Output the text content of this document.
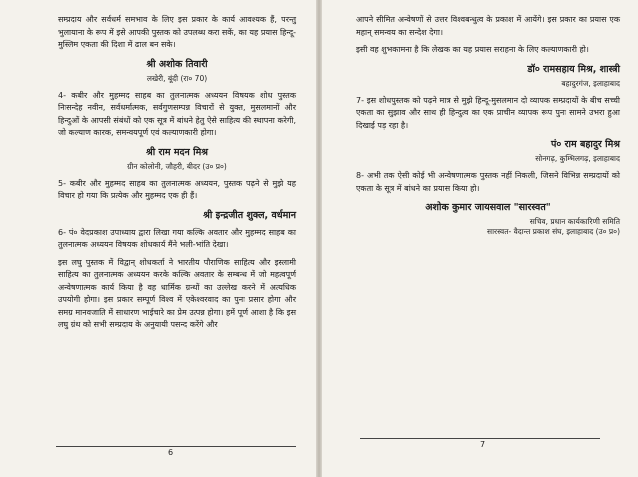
सम्प्रदाय और सर्वधर्म समभाव के लिए इस प्रकार के कार्य आवश्यक हैं, परन्तु भुलायाना के रूप में इसे आपकी पुस्तक को उपलब्ध करा सकें, का यह प्रयास हिन्दू-मुस्लिम एकता की दिशा में ढाल बन सके।

श्री अशोक तिवारी
लखेरी, बूंदी (रा० 70)

4- कबीर और मुहम्मद साहब का तुलनात्मक अध्ययन विषयक शोध पुस्तक निःसन्देह नवीन, सर्वधर्मात्मक, सर्वगुणसम्पन्न विचारों से युक्त, मुसलमानों और हिन्दुओं के आपसी संबंधों को एक सूत्र में बांधने हेतु ऐसे साहित्य की स्थापना करेगी, जो कल्याण कारक, समन्वयपूर्ण एवं कल्याणकारी होगा।

श्री राम मदन मिश्र
ग्रीन कोलोनी, जौहरी, बीदर (उ० प्र०)

5- कबीर और मुहम्मद साहब का तुलनात्मक अध्ययन, पुस्तक पढ़ने से मुझे यह विचार हो गया कि प्रत्येक और मुहम्मद एक ही हैं।

श्री इन्द्रजीत शुक्ल, वर्धमान

6- पं० वेदप्रकाश उपाध्याय द्वारा लिखा गया कल्कि अवतार और मुहम्मद साहब का तुलनात्मक अध्ययन विषयक शोधकार्य मैंने भली-भांति देखा।

इस लघु पुस्तक में विद्वान् शोधकर्ता ने भारतीय पौराणिक साहित्य और इस्लामी साहित्य का तुलनात्मक अध्ययन करके कल्कि अवतार के सम्बन्ध में जो महत्वपूर्ण अन्वेषणात्मक कार्य किया है वह धार्मिक ग्रन्थों का उल्लेख करने में अत्यधिक उपयोगी होगा। इस प्रकार सम्पूर्ण विश्व में एकेश्वरवाद का पुनः प्रसार होगा और समग्र मानवजाति में साधारण भाईचारे का प्रेम उत्पन्न होगा। हमें पूर्ण आशा है कि इस लघु ग्रंथ को सभी सम्प्रदाय के अनुयायी पसन्द करेंगे और

6

आपने सीमित अन्वेषणों से उत्तर विश्वबन्धुत्व के प्रकाश में आयेंगे। इस प्रकार का प्रयास एक महान् समन्वय का सन्देश देगा।

इसी वह शुभकामना है कि लेखक का यह प्रयास सराहना के लिए कल्याणकारी हो।

डॉ० रामसहाय मिश्र, शास्त्री
बहादुरगंज, इलाहाबाद

7- इस शोधपुस्तक को पढ़ने मात्र से मुझे हिन्दू-मुसलमान दो व्यापक सम्प्रदायों के बीच सच्ची एकता का सुझाव और साथ ही हिन्दुत्व का एक प्राचीन व्यापक रूप पुनः सामने उभरा हुआ दिखाई पड़ रहा है।

पं० राम बहादुर मिश्र
सोनगढ़, कुम्भिलगढ़, इलाहाबाद

8- अभी तक ऐसी कोई भी अन्वेषणात्मक पुस्तक नहीं निकली, जिसने विभिन्न सम्प्रदायों को एकता के सूत्र में बांधने का प्रयास किया हो।

अशोक कुमार जायसवाल "सारस्वत"
सचिव, प्रधान कार्यकारिणी समिति
सारस्वत- वैदान्त प्रकाश संघ, इलाहाबाद (उ० प्र०)
7
